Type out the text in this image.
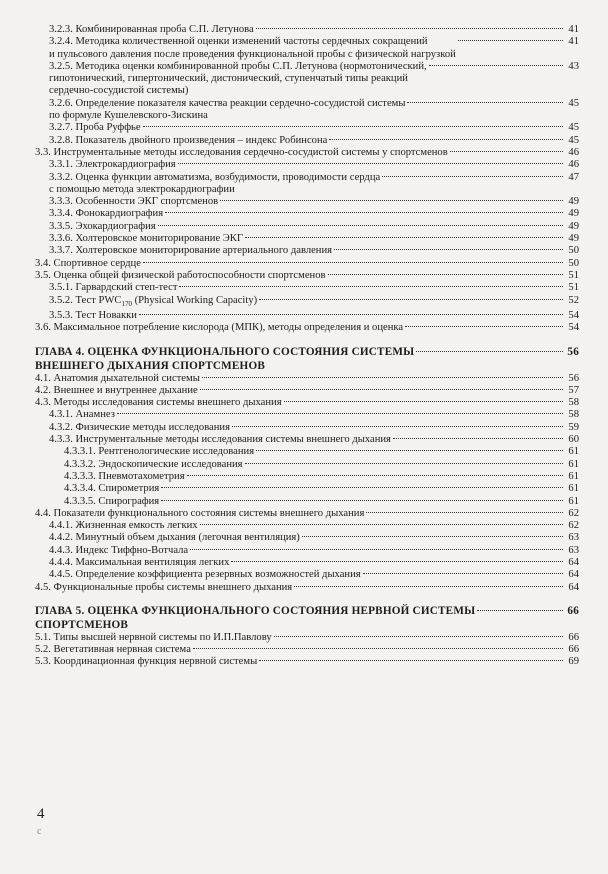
3.2.3. Комбинированная проба С.П. Летунова	41
3.2.4. Методика количественной оценки изменений частоты сердечных сокращений
и пульсового давления после проведения функциональной пробы с физической нагрузкой
41
3.2.5. Методика оценки комбинированной пробы С.П. Летунова (нормотонический,
гипотонический, гипертонический, дистонический, ступенчатый типы реакций
сердечно-сосудистой системы)
43
3.2.6. Определение показателя качества реакции сердечно-сосудистой системы
по формуле Кушелевского-Зискина
45
3.2.7. Проба Руффье	45
3.2.8. Показатель двойного произведения – индекс Робинсона	45
3.3. Инструментальные методы исследования сердечно-сосудистой системы у спортсменов	46
3.3.1. Электрокардиография	46
3.3.2. Оценка функции автоматизма, возбудимости, проводимости сердца
с помощью метода электрокардиографии
47
3.3.3. Особенности ЭКГ спортсменов	49
3.3.4. Фонокардиография	49
3.3.5. Эхокардиография	49
3.3.6. Холтеровское мониторирование ЭКГ	49
3.3.7. Холтеровское мониторирование артериального давления	50
3.4. Спортивное сердце	50
3.5. Оценка общей физической работоспособности спортсменов	51
3.5.1. Гарвардский степ-тест	51
3.5.2. Тест $PWC_{170}$ (Physical Working Capacity)	52
3.5.3. Тест Новакки	54
3.6. Максимальное потребление кислорода (МПК), методы определения и оценка	54
ГЛАВА 4. ОЦЕНКА ФУНКЦИОНАЛЬНОГО СОСТОЯНИЯ СИСТЕМЫ
ВНЕШНЕГО ДЫХАНИЯ СПОРТСМЕНОВ
56
4.1. Анатомия дыхательной системы	56
4.2. Внешнее и внутреннее дыхание	57
4.3. Методы исследования системы внешнего дыхания	58
4.3.1. Анамнез	58
4.3.2. Физические методы исследования	59
4.3.3. Инструментальные методы исследования системы внешнего дыхания	60
4.3.3.1. Рентгенологические исследования	61
4.3.3.2. Эндоскопические исследования	61
4.3.3.3. Пневмотахометрия	61
4.3.3.4. Спирометрия	61
4.3.3.5. Спирография	61
4.4. Показатели функционального состояния системы внешнего дыхания	62
4.4.1. Жизненная емкость легких	62
4.4.2. Минутный объем дыхания (легочная вентиляция)	63
4.4.3. Индекс Тиффно-Вотчала	63
4.4.4. Максимальная вентиляция легких	64
4.4.5. Определение коэффициента резервных возможностей дыхания	64
4.5. Функциональные пробы системы внешнего дыхания	64
ГЛАВА 5. ОЦЕНКА ФУНКЦИОНАЛЬНОГО СОСТОЯНИЯ НЕРВНОЙ СИСТЕМЫ
СПОРТСМЕНОВ
66
5.1. Типы высшей нервной системы по И.П.Павлову	66
5.2. Вегетативная нервная система	66
5.3. Координационная функция нервной системы	69
4
с
